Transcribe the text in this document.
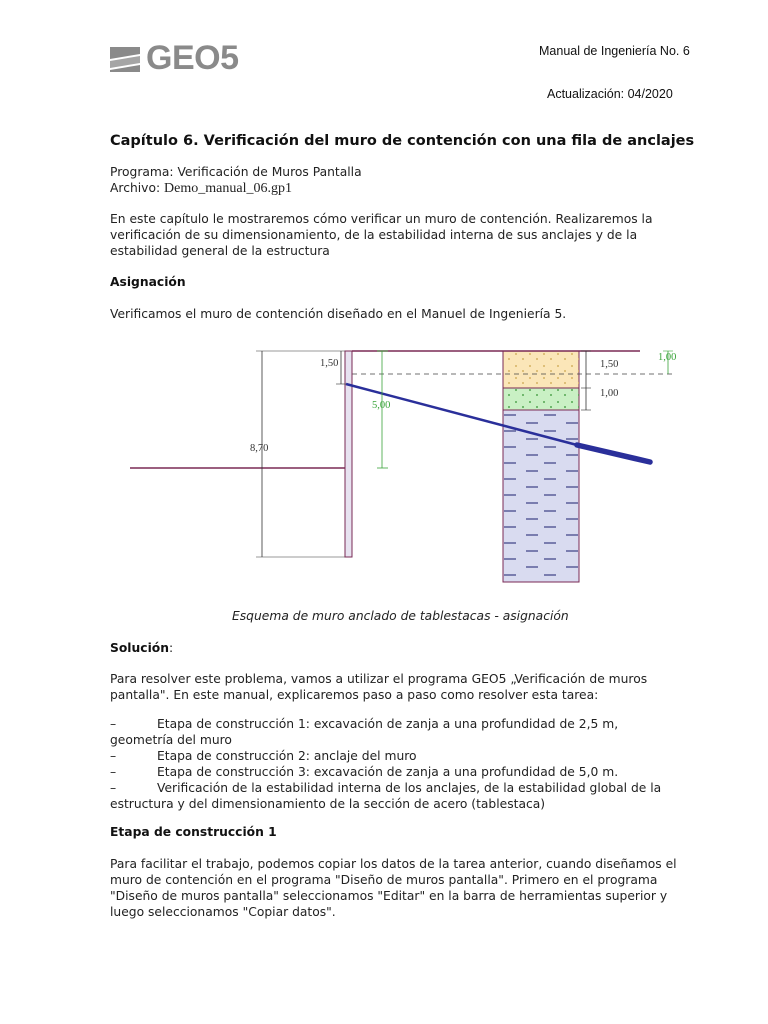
GEO5	Manual de Ingeniería No. 6
Actualización: 04/2020
Capítulo 6. Verificación del muro de contención con una fila de anclajes
Programa: Verificación de Muros Pantalla
Archivo: Demo_manual_06.gp1
En este capítulo le mostraremos cómo verificar un muro de contención. Realizaremos la
verificación de su dimensionamiento, de la estabilidad interna de sus anclajes y de la
estabilidad general de la estructura
Asignación
Verificamos el muro de contención diseñado en el Manuel de Ingeniería 5.
8,70
1,50
5,00
1,50
1,00
1,00
Esquema de muro anclado de tablestacas - asignación
Solución:
Para resolver este problema, vamos a utilizar el programa GEO5 „Verificación de muros
pantalla". En este manual, explicaremos paso a paso como resolver esta tarea:
–	Etapa de construcción 1: excavación de zanja a una profundidad de 2,5 m,
geometría del muro
–	Etapa de construcción 2: anclaje del muro
–	Etapa de construcción 3: excavación de zanja a una profundidad de 5,0 m.
–	Verificación de la estabilidad interna de los anclajes, de la estabilidad global de la
estructura y del dimensionamiento de la sección de acero (tablestaca)
Etapa de construcción 1
Para facilitar el trabajo, podemos copiar los datos de la tarea anterior, cuando diseñamos el
muro de contención en el programa "Diseño de muros pantalla". Primero en el programa
"Diseño de muros pantalla" seleccionamos "Editar" en la barra de herramientas superior y
luego seleccionamos "Copiar datos".
